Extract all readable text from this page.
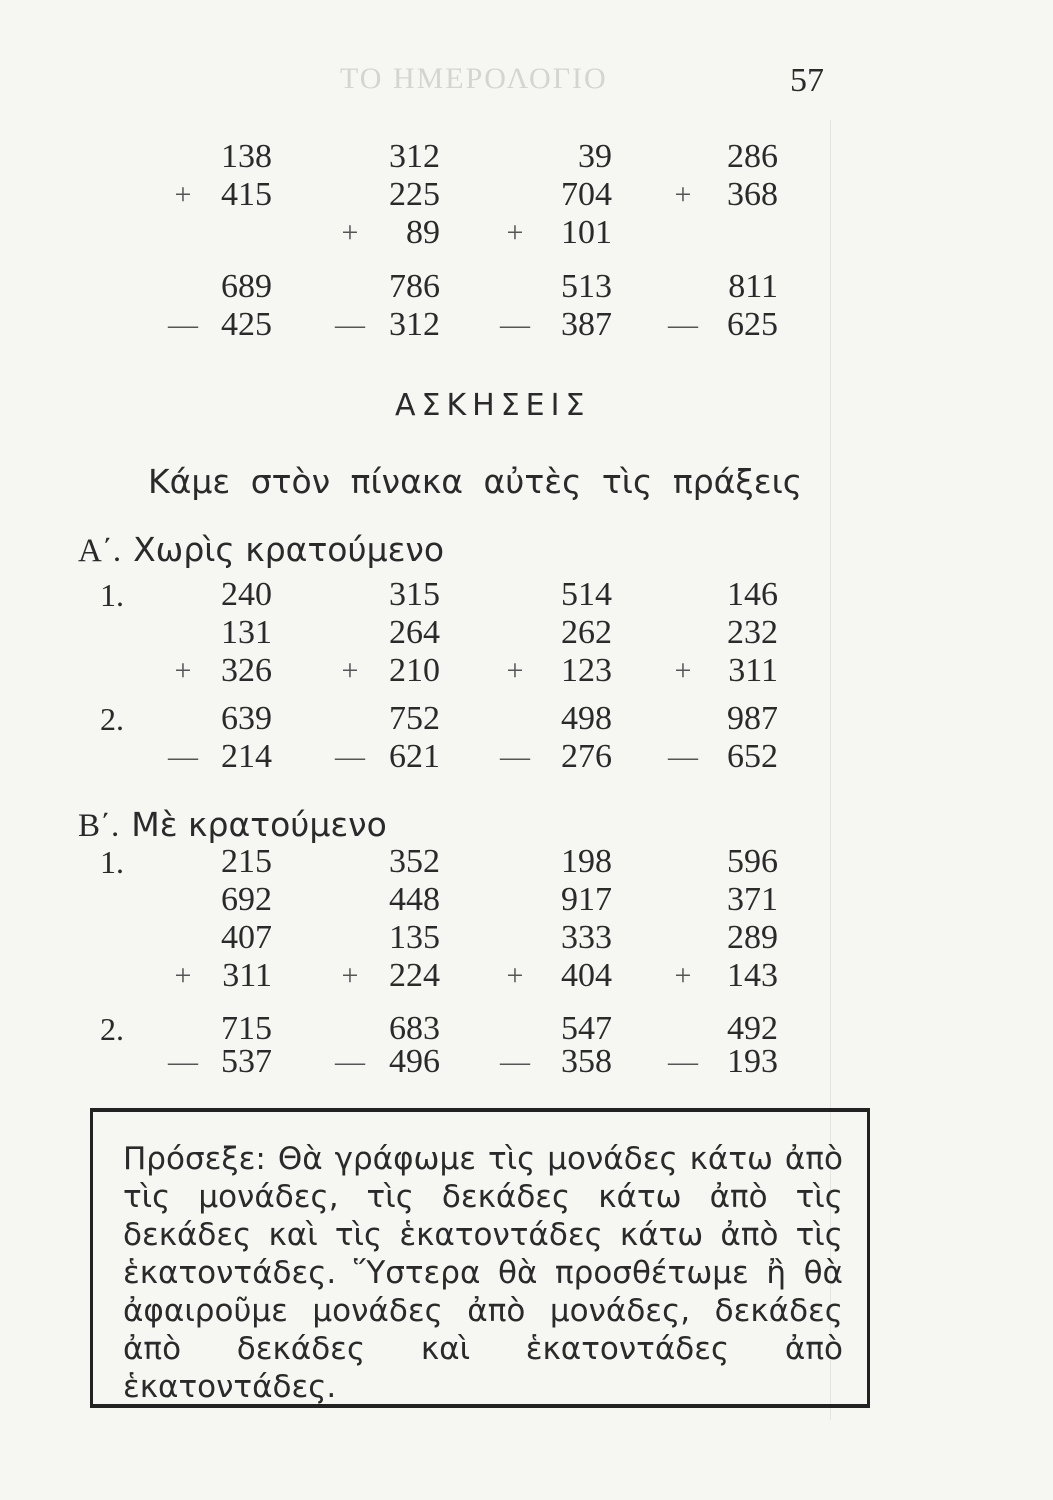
ΤΟ ΗΜΕΡΟΛΟΓΙΟ	57
138
415
+
312
225
89
+
39
704
101
+
286
368
+
689
425
—
786
312
—
513
387
—
811
625
—
240
131
326
+
315
264
210
+
514
262
123
+
146
232
311
+
639
214
—
752
621
—
498
276
—
987
652
—
215
692
407
311
+
352
448
135
224
+
198
917
333
404
+
596
371
289
143
+
715
537
—
683
496
—
547
358
—
492
193
—
ΑΣΚΗΣΕΙΣ
Κάμε στὸν πίνακα αὐτὲς τὶς πράξεις
Α΄. Χωρὶς κρατούμενο
1.
2.
Β΄. Μὲ κρατούμενο
1.
2.
Πρόσεξε: Θὰ γράφωμε τὶς μονάδες κάτω ἀπὸ τὶς μονάδες, τὶς δεκάδες κάτω ἀπὸ τὶς δεκάδες καὶ τὶς ἑκατοντάδες κάτω ἀπὸ τὶς ἑκατοντάδες. Ὕστερα θὰ προσθέτωμε ἢ θὰ ἀφαιροῦμε μονάδες ἀπὸ μονάδες, δεκάδες ἀπὸ δεκάδες καὶ ἑκατοντάδες ἀπὸ ἑκατοντάδες.
